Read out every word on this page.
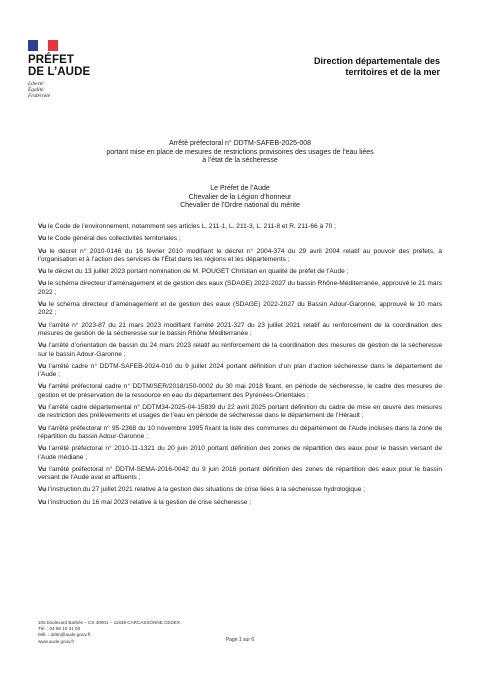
PRÉFET
DE L’AUDE
Liberté
Égalité
Fraternité
Direction départementale des
territoires et de la mer
Arrêté préfectoral n° DDTM-SAFEB-2025-008
portant mise en place de mesures de restrictions provisoires des usages de l’eau liées
à l’état de la sécheresse
Le Préfet de l’Aude
Chevalier de la Légion d’honneur
Chevalier de l’Ordre national du mérite

Vu le Code de l’environnement, notamment ses articles L. 211-1, L. 211-3, L. 211-8 et R. 211-66 à 70 ;

Vu le Code général des collectivités territoriales ;

Vu le décret n° 2010-0146 du 16 février 2010 modifiant le décret n° 2004-374 du 29 avril 2004 relatif au pouvoir des préfets, à l’organisation et à l’action des services de l’État dans les régions et les départements ;

Vu le décret du 13 juillet 2023 portant nomination de M. POUGET Christian en qualité de préfet de l’Aude ;

Vu le schéma directeur d’aménagement et de gestion des eaux (SDAGE) 2022-2027 du bassin Rhône-Méditerranée, approuvé le 21 mars 2022 ;

Vu le schéma directeur d’aménagement et de gestion des eaux (SDAGE) 2022-2027 du Bassin Adour-Garonne, approuvé le 10 mars 2022 ;

Vu l’arrêté n° 2023-87 du 21 mars 2023 modifiant l’arrêté 2021-327 du 23 juillet 2021 relatif au renforcement de la coordination des mesures de gestion de la sécheresse sur le bassin Rhône Méditerranée ;

Vu l’arrêté d’orientation de bassin du 24 mars 2023 relatif au renforcement de la coordination des mesures de gestion de la sécheresse sur le bassin Adour-Garonne ;

Vu l’arrêté cadre n° DDTM-SAFEB-2024-010 du 9 juillet 2024 portant définition d’un plan d’action sécheresse dans le département de l’Aude ;

Vu l’arrêté préfectoral cadre n° DDTM/SER/2018/150-0002 du 30 mai 2018 fixant, en période de sécheresse, le cadre des mesures de gestion et de préservation de la ressource en eau du département des Pyrénées-Orientales ;

Vu l’arrêté cadre départemental n° DDTM34-2025-04-15839 du 22 avril 2025 portant définition du cadre de mise en œuvre des mesures de restriction des prélèvements et usages de l’eau en période de sécheresse dans le département de l’Hérault ;

Vu l’arrêté préfectoral n° 95-2368 du 10 novembre 1995 fixant la liste des communes du département de l’Aude incluses dans la zone de répartition du bassin Adour-Garonne ;

Vu l’arrêté préfectoral n° 2010-11-1321 du 20 juin 2010 portant définition des zones de répartition des eaux pour le bassin versant de l’Aude médiane ;

Vu l’arrêté préfectoral n° DDTM-SEMA-2016-0042 du 9 juin 2016 portant définition des zones de répartition des eaux pour le bassin versant de l’Aude aval et affluents ;

Vu l’instruction du 27 juillet 2021 relative à la gestion des situations de crise liées à la sécheresse hydrologique ;

Vu l’instruction du 16 mai 2023 relative à la gestion de crise sécheresse ;

105 boulevard Barbès – CS 40001 – 11838 CARCASSONNE CEDEX
Tél. : 04 68 10 31 00
Mél. : ddtm@aude.gouv.fr
www.aude.gouv.fr	Page 1 sur 6
